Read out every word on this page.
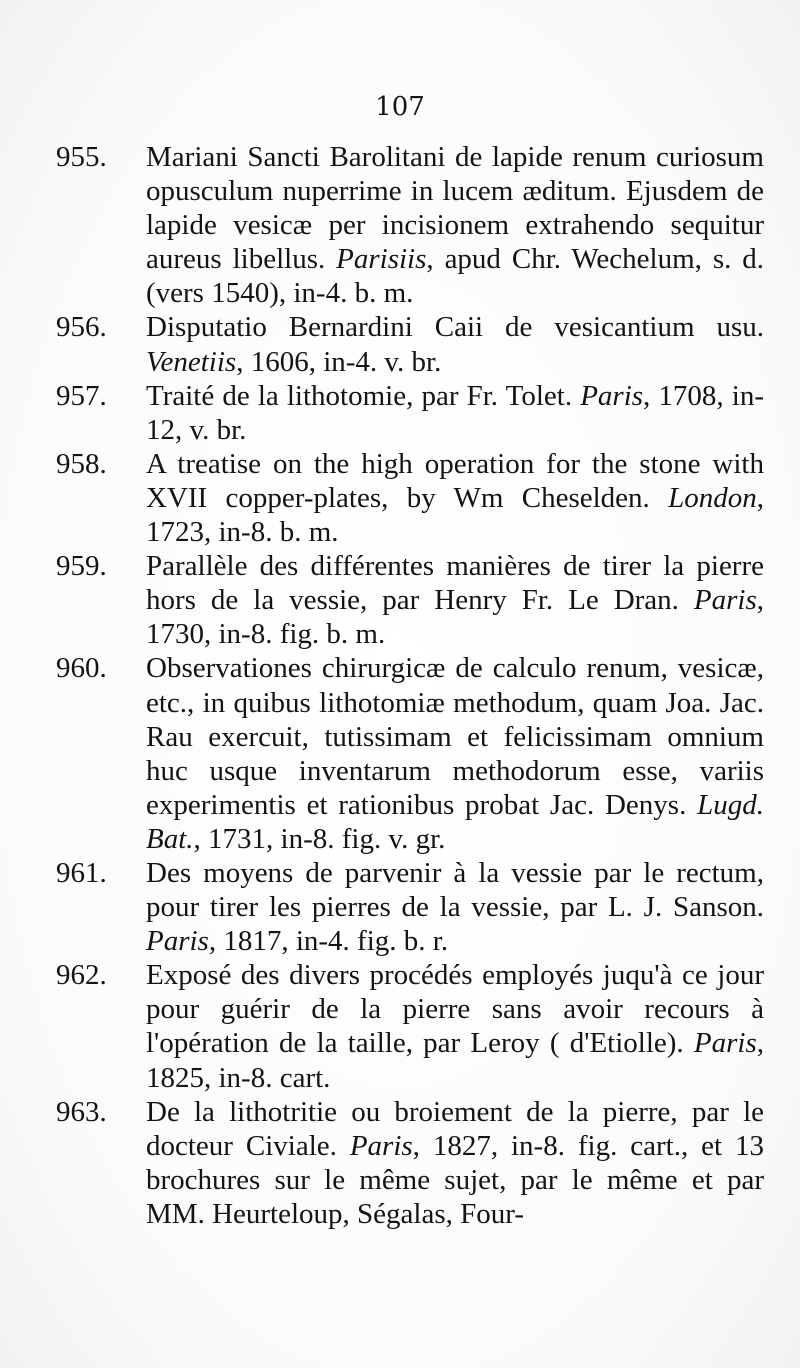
107

955.	Mariani Sancti Barolitani de lapide renum curiosum opusculum nuperrime in lucem æditum. Ejusdem de lapide vesicæ per incisionem extrahendo sequitur aureus libellus. Parisiis, apud Chr. Wechelum, s. d. (vers 1540), in-4. b. m.

956.	Disputatio Bernardini Caii de vesicantium usu. Venetiis, 1606, in-4. v. br.

957.	Traité de la lithotomie, par Fr. Tolet. Paris, 1708, in-12, v. br.

958.	A treatise on the high operation for the stone with XVII copper-plates, by Wm Cheselden. London, 1723, in-8. b. m.

959.	Parallèle des différentes manières de tirer la pierre hors de la vessie, par Henry Fr. Le Dran. Paris, 1730, in-8. fig. b. m.

960.	Observationes chirurgicæ de calculo renum, vesicæ, etc., in quibus lithotomiæ methodum, quam Joa. Jac. Rau exercuit, tutissimam et felicissimam omnium huc usque inventarum methodorum esse, variis experimentis et rationibus probat Jac. Denys. Lugd. Bat., 1731, in-8. fig. v. gr.

961.	Des moyens de parvenir à la vessie par le rectum, pour tirer les pierres de la vessie, par L. J. Sanson. Paris, 1817, in-4. fig. b. r.

962.	Exposé des divers procédés employés juqu'à ce jour pour guérir de la pierre sans avoir recours à l'opération de la taille, par Leroy ( d'Etiolle). Paris, 1825, in-8. cart.

963.	De la lithotritie ou broiement de la pierre, par le docteur Civiale. Paris, 1827, in-8. fig. cart., et 13 brochures sur le même sujet, par le même et par MM. Heurteloup, Ségalas, Four-
